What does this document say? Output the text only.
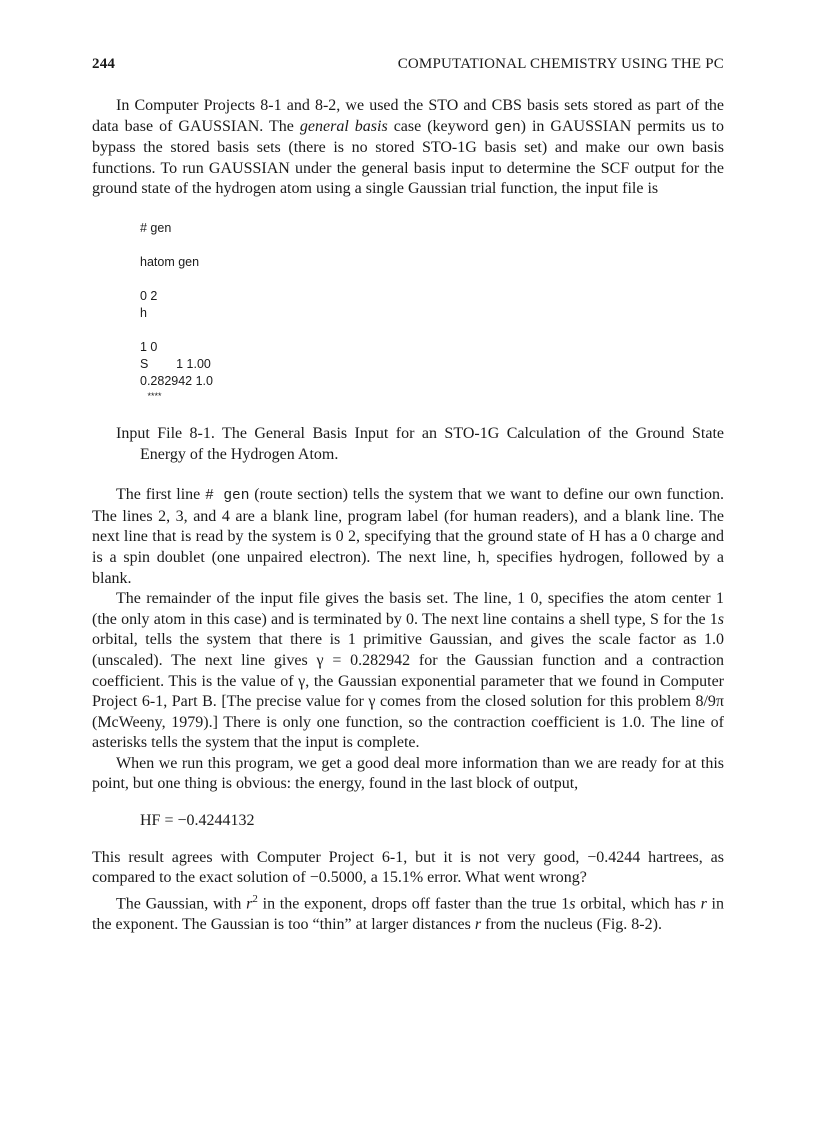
244	COMPUTATIONAL CHEMISTRY USING THE PC

In Computer Projects 8-1 and 8-2, we used the STO and CBS basis sets stored as part of the data base of GAUSSIAN. The general basis case (keyword gen) in GAUSSIAN permits us to bypass the stored basis sets (there is no stored STO-1G basis set) and make our own basis functions. To run GAUSSIAN under the general basis input to determine the SCF output for the ground state of the hydrogen atom using a single Gaussian trial function, the input file is

# gen
hatom gen
0 2
h
1 0
S        1 1.00
0.282942 1.0
****

Input File 8-1. The General Basis Input for an STO-1G Calculation of the Ground State Energy of the Hydrogen Atom.

The first line # gen (route section) tells the system that we want to define our own function. The lines 2, 3, and 4 are a blank line, program label (for human readers), and a blank line. The next line that is read by the system is 0 2, specifying that the ground state of H has a 0 charge and is a spin doublet (one unpaired electron). The next line, h, specifies hydrogen, followed by a blank.

The remainder of the input file gives the basis set. The line, 1 0, specifies the atom center 1 (the only atom in this case) and is terminated by 0. The next line contains a shell type, S for the 1s orbital, tells the system that there is 1 primitive Gaussian, and gives the scale factor as 1.0 (unscaled). The next line gives γ = 0.282942 for the Gaussian function and a contraction coefficient. This is the value of γ, the Gaussian exponential parameter that we found in Computer Project 6-1, Part B. [The precise value for γ comes from the closed solution for this problem 8/9π (McWeeny, 1979).] There is only one function, so the contraction coefficient is 1.0. The line of asterisks tells the system that the input is complete.

When we run this program, we get a good deal more information than we are ready for at this point, but one thing is obvious: the energy, found in the last block of output,

HF = −0.4244132

This result agrees with Computer Project 6-1, but it is not very good, −0.4244 hartrees, as compared to the exact solution of −0.5000, a 15.1% error. What went wrong?

The Gaussian, with $r^2$ in the exponent, drops off faster than the true 1s orbital, which has r in the exponent. The Gaussian is too “thin” at larger distances r from the nucleus (Fig. 8-2).
